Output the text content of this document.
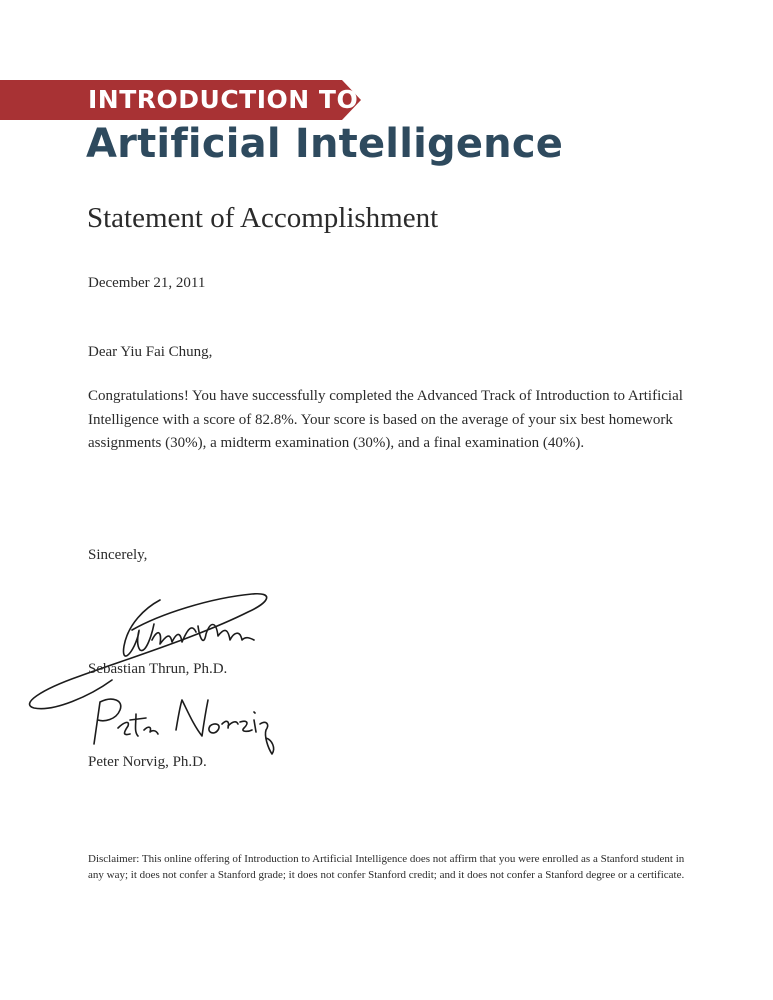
INTRODUCTION TO
Artificial Intelligence
Statement of Accomplishment
December 21, 2011
Dear Yiu Fai Chung,

Congratulations! You have successfully completed the Advanced Track of Introduction to Artificial Intelligence with a score of 82.8%. Your score is based on the average of your six best homework assignments (30%), a midterm examination (30%), and a final examination (40%).

Sincerely,
Sebastian Thrun, Ph.D.
Peter Norvig, Ph.D.

Disclaimer: This online offering of Introduction to Artificial Intelligence does not affirm that you were enrolled as a Stanford student in any way; it does not confer a Stanford grade; it does not confer Stanford credit; and it does not confer a Stanford degree or a certificate.
